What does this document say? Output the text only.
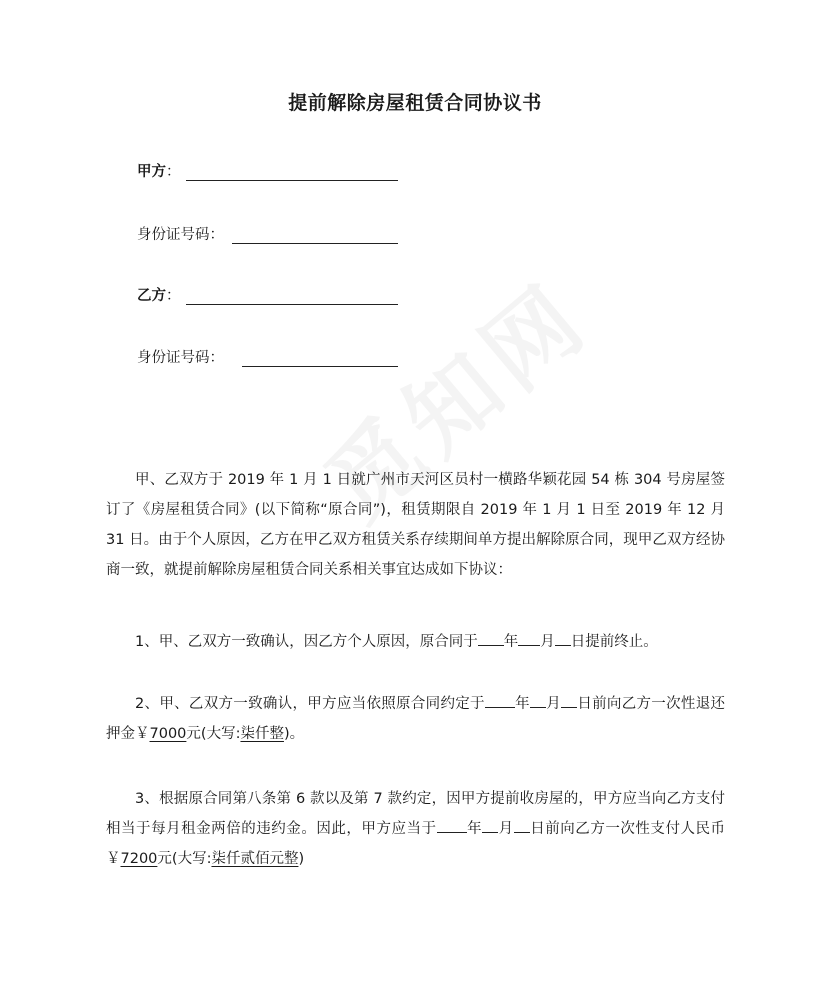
提前解除房屋租赁合同协议书
甲方：
身份证号码：
乙方：
身份证号码：
甲、乙双方于 2019 年 1 月 1 日就广州市天河区员村一横路华颖花园 54 栋 304 号房屋签订了《房屋租赁合同》(以下简称“原合同”)，租赁期限自 2019 年 1 月 1 日至 2019 年 12 月 31 日。由于个人原因，乙方在甲乙双方租赁关系存续期间单方提出解除原合同，现甲乙双方经协商一致，就提前解除房屋租赁合同关系相关事宜达成如下协议：
1、甲、乙双方一致确认，因乙方个人原因，原合同于 年 月 日提前终止。
2、甲、乙双方一致确认，甲方应当依照原合同约定于 年 月 日前向乙方一次性退还押金￥7000元(大写:柒仟整)。
3、根据原合同第八条第 6 款以及第 7 款约定，因甲方提前收房屋的，甲方应当向乙方支付相当于每月租金两倍的违约金。因此，甲方应当于 年 月 日前向乙方一次性支付人民币￥7200元(大写:柒仟贰佰元整)
